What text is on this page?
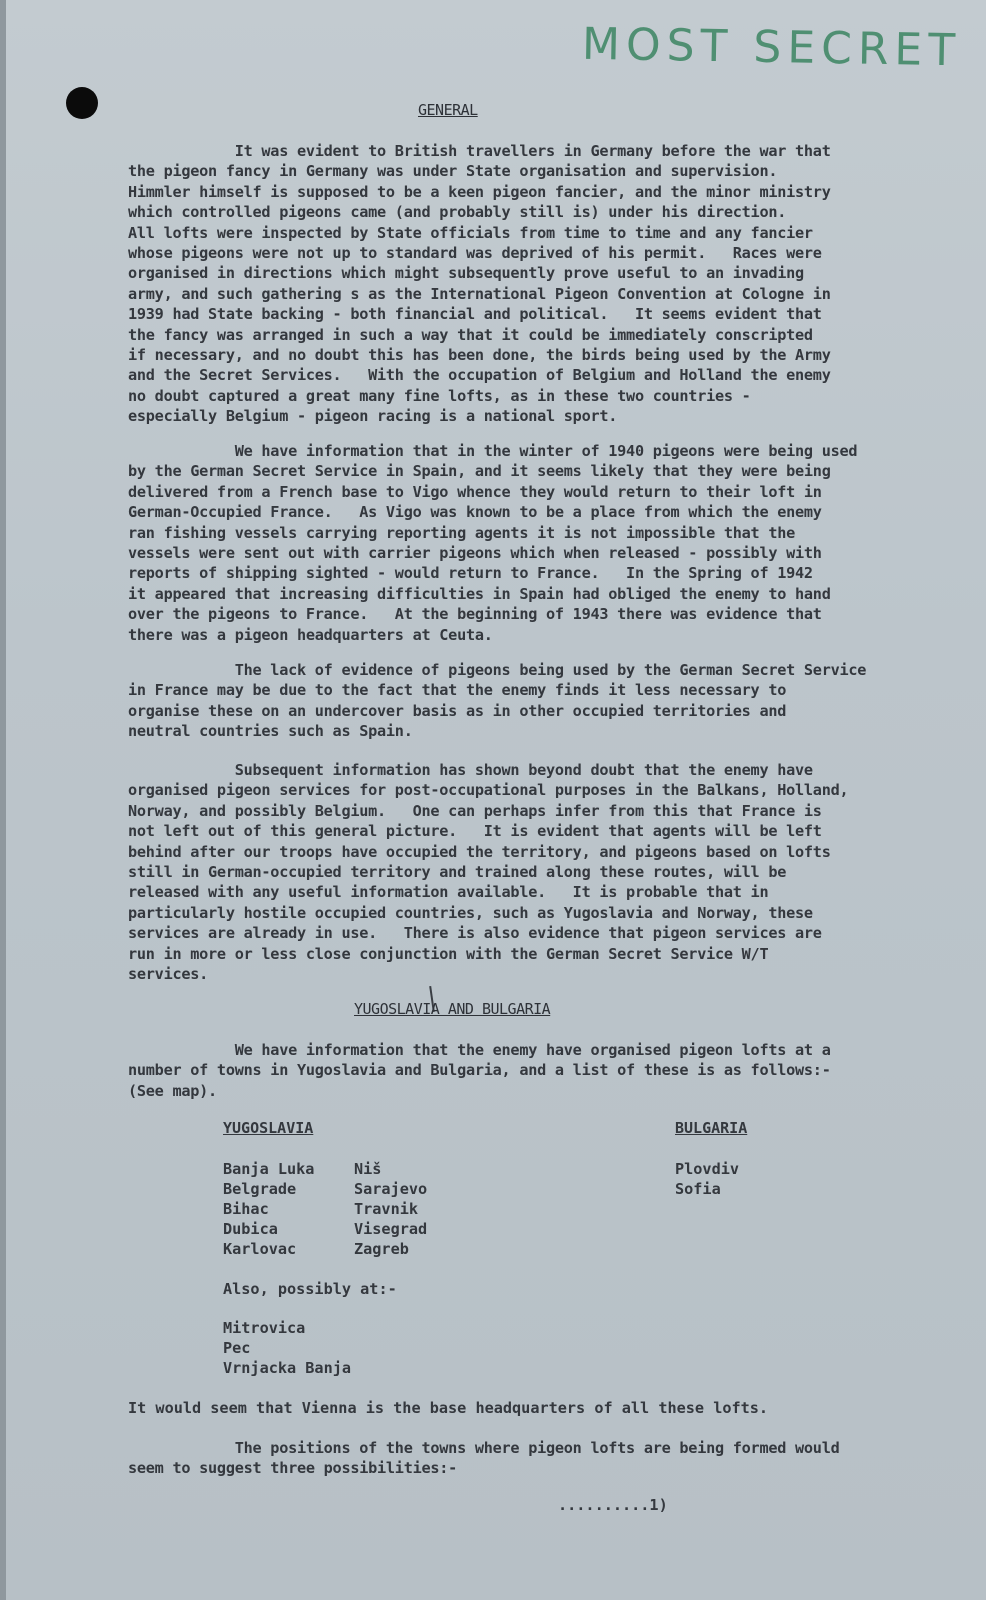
MOST SECRET
GENERAL
It was evident to British travellers in Germany before the war that
the pigeon fancy in Germany was under State organisation and supervision.
Himmler himself is supposed to be a keen pigeon fancier, and the minor ministry
which controlled pigeons came (and probably still is) under his direction.
All lofts were inspected by State officials from time to time and any fancier
whose pigeons were not up to standard was deprived of his permit.   Races were
organised in directions which might subsequently prove useful to an invading
army, and such gathering s as the International Pigeon Convention at Cologne in
1939 had State backing - both financial and political.   It seems evident that
the fancy was arranged in such a way that it could be immediately conscripted
if necessary, and no doubt this has been done, the birds being used by the Army
and the Secret Services.   With the occupation of Belgium and Holland the enemy
no doubt captured a great many fine lofts, as in these two countries -
especially Belgium - pigeon racing is a national sport.
We have information that in the winter of 1940 pigeons were being used
by the German Secret Service in Spain, and it seems likely that they were being
delivered from a French base to Vigo whence they would return to their loft in
German-Occupied France.   As Vigo was known to be a place from which the enemy
ran fishing vessels carrying reporting agents it is not impossible that the
vessels were sent out with carrier pigeons which when released - possibly with
reports of shipping sighted - would return to France.   In the Spring of 1942
it appeared that increasing difficulties in Spain had obliged the enemy to hand
over the pigeons to France.   At the beginning of 1943 there was evidence that
there was a pigeon headquarters at Ceuta.
The lack of evidence of pigeons being used by the German Secret Service
in France may be due to the fact that the enemy finds it less necessary to
organise these on an undercover basis as in other occupied territories and
neutral countries such as Spain.
Subsequent information has shown beyond doubt that the enemy have
organised pigeon services for post-occupational purposes in the Balkans, Holland,
Norway, and possibly Belgium.   One can perhaps infer from this that France is
not left out of this general picture.   It is evident that agents will be left
behind after our troops have occupied the territory, and pigeons based on lofts
still in German-occupied territory and trained along these routes, will be
released with any useful information available.   It is probable that in
particularly hostile occupied countries, such as Yugoslavia and Norway, these
services are already in use.   There is also evidence that pigeon services are
run in more or less close conjunction with the German Secret Service W/T
services.
YUGOSLAVIA AND BULGARIA
We have information that the enemy have organised pigeon lofts at a
number of towns in Yugoslavia and Bulgaria, and a list of these is as follows:-
(See map).
YUGOSLAVIA	BULGARIA
Banja Luka
Belgrade
Bihac
Dubica
Karlovac
Niš
Sarajevo
Travnik
Visegrad
Zagreb
Plovdiv
Sofia
Also, possibly at:-
Mitrovica
Pec
Vrnjacka Banja
It would seem that Vienna is the base headquarters of all these lofts.
The positions of the towns where pigeon lofts are being formed would
seem to suggest three possibilities:-
..........1)
